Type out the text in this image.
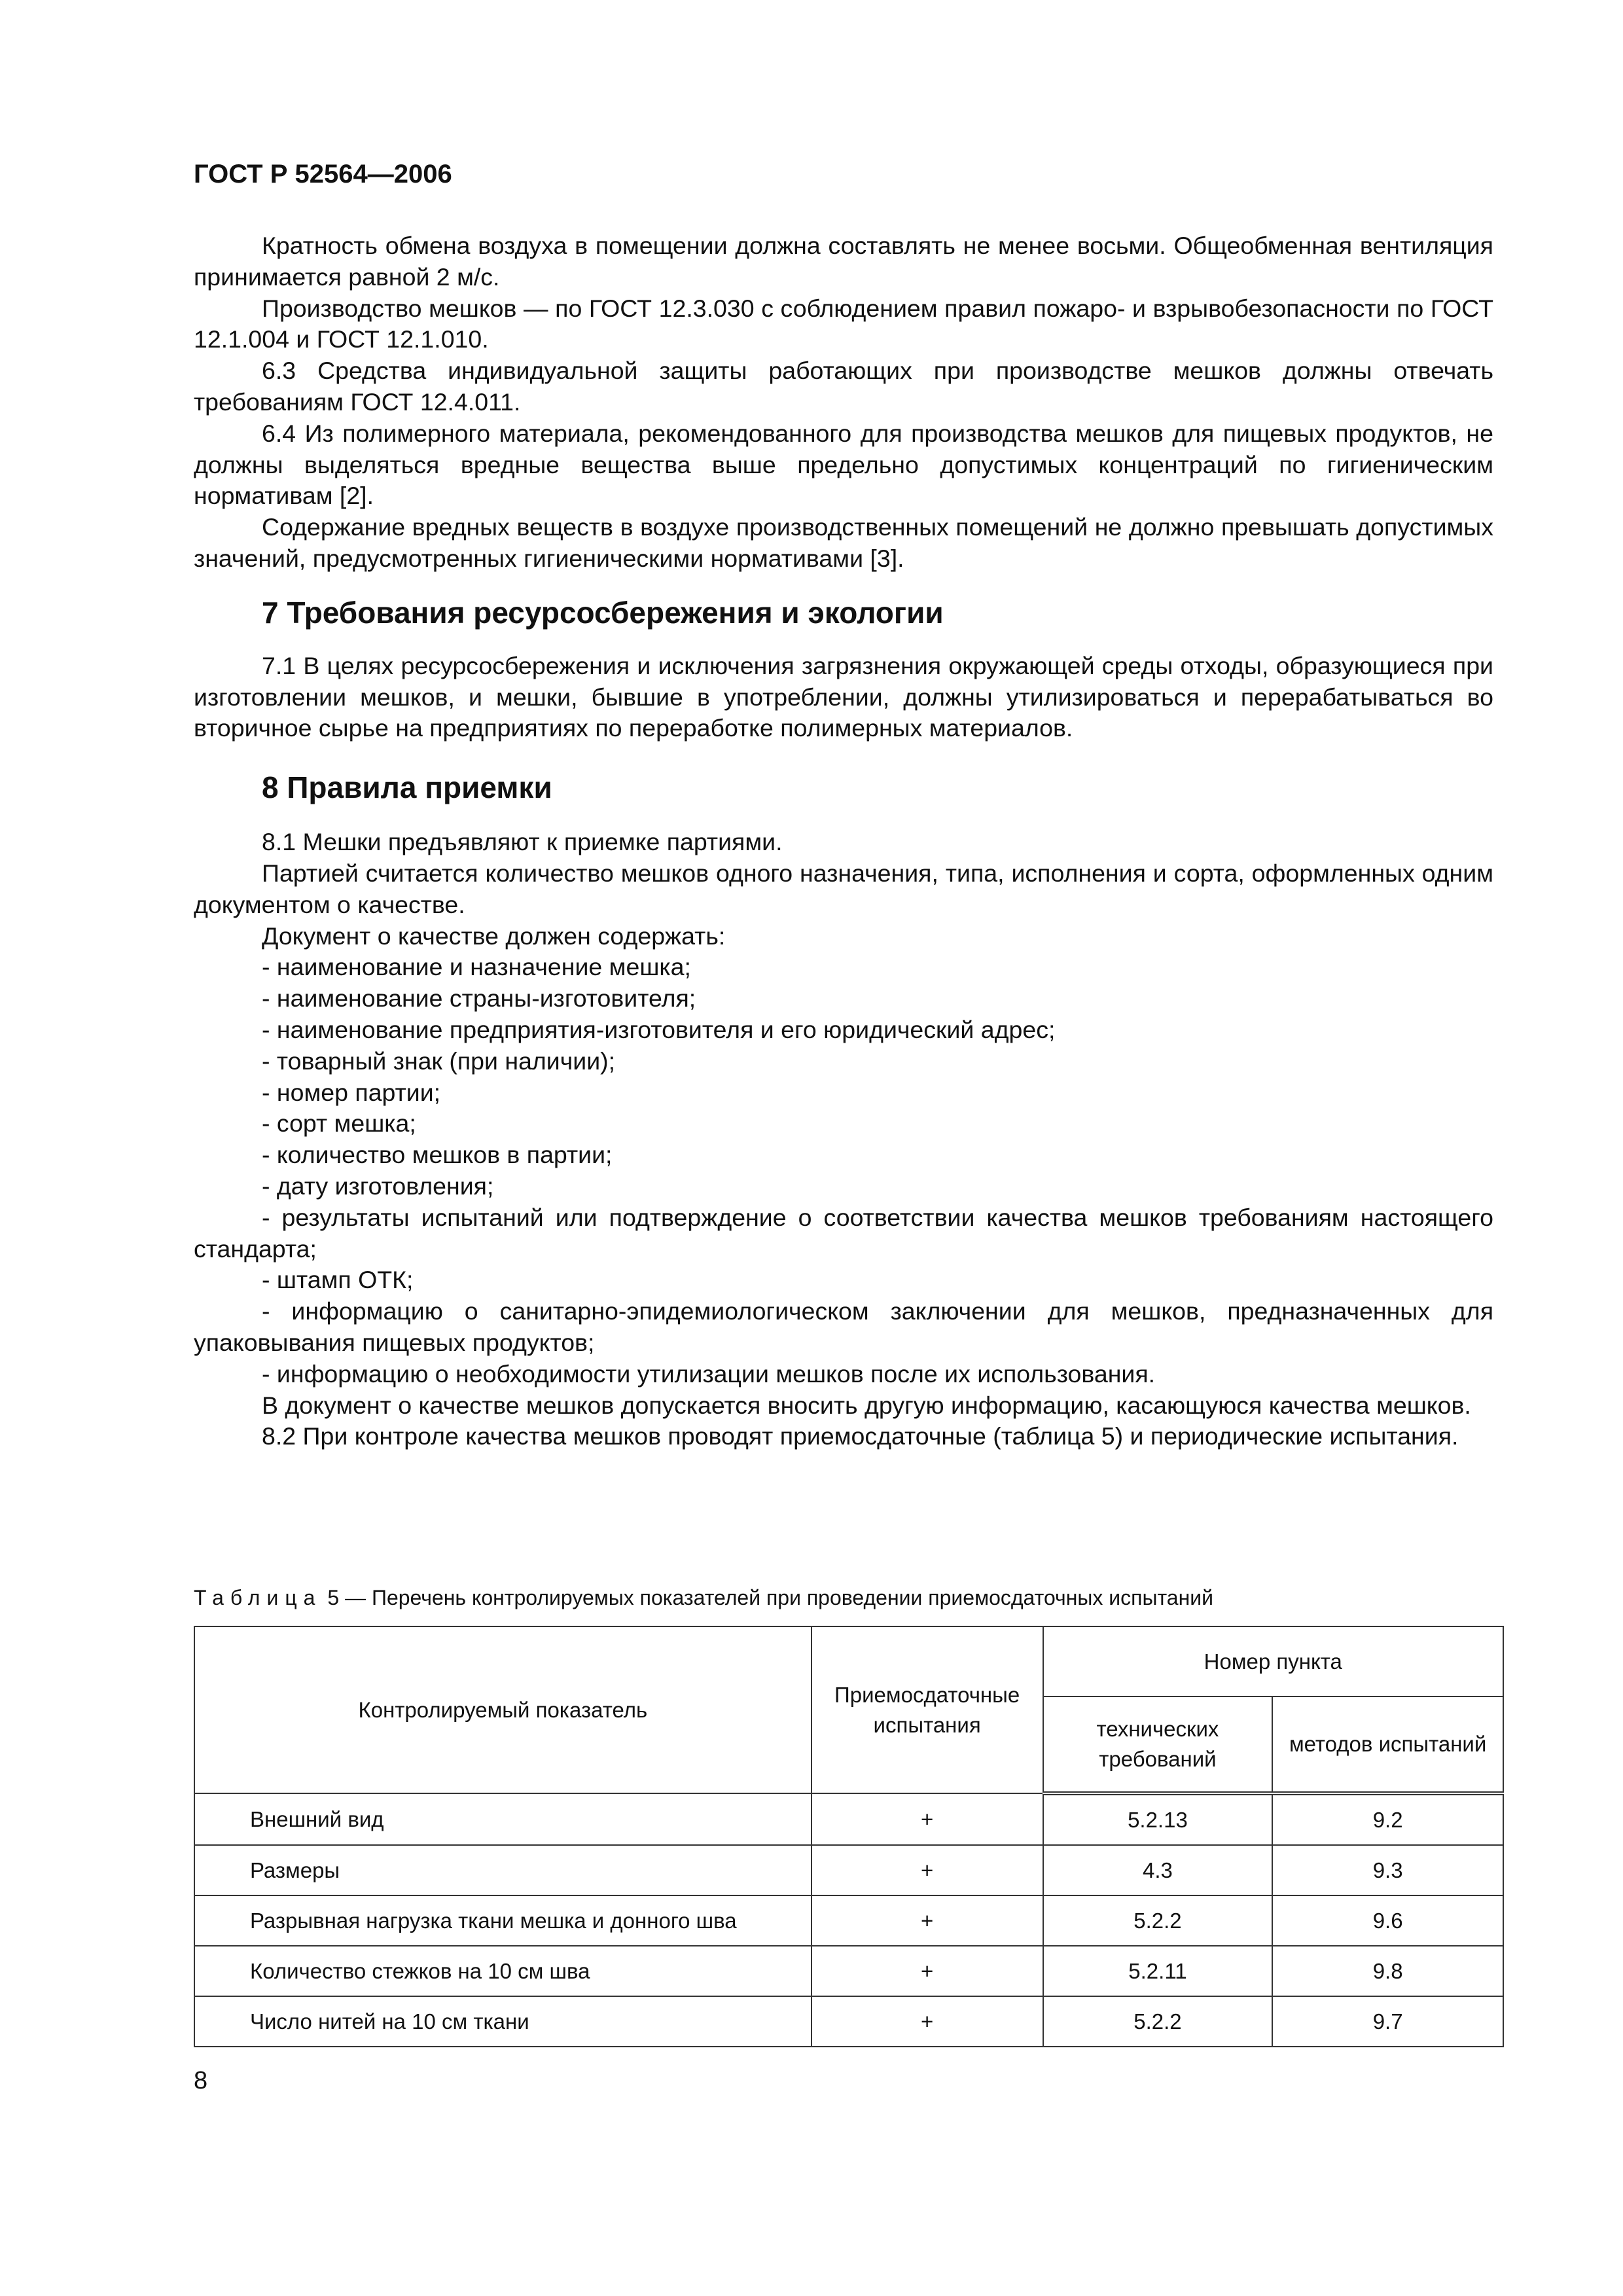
ГОСТ Р 52564—2006

Кратность обмена воздуха в помещении должна составлять не менее восьми. Общеобменная вентиляция принимается равной 2 м/с.

Производство мешков — по ГОСТ 12.3.030 с соблюдением правил пожаро- и взрывобезопасности по ГОСТ 12.1.004 и ГОСТ 12.1.010.

6.3 Средства индивидуальной защиты работающих при производстве мешков должны отвечать требованиям ГОСТ 12.4.011.

6.4 Из полимерного материала, рекомендованного для производства мешков для пищевых продуктов, не должны выделяться вредные вещества выше предельно допустимых концентраций по гигиеническим нормативам [2].

Содержание вредных веществ в воздухе производственных помещений не должно превышать допустимых значений, предусмотренных гигиеническими нормативами [3].

7 Требования ресурсосбережения и экологии

7.1 В целях ресурсосбережения и исключения загрязнения окружающей среды отходы, образующиеся при изготовлении мешков, и мешки, бывшие в употреблении, должны утилизироваться и перерабатываться во вторичное сырье на предприятиях по переработке полимерных материалов.

8 Правила приемки

8.1 Мешки предъявляют к приемке партиями.

Партией считается количество мешков одного назначения, типа, исполнения и сорта, оформленных одним документом о качестве.

Документ о качестве должен содержать:

- наименование и назначение мешка;

- наименование страны-изготовителя;

- наименование предприятия-изготовителя и его юридический адрес;

- товарный знак (при наличии);

- номер партии;

- сорт мешка;

- количество мешков в партии;

- дату изготовления;

- результаты испытаний или подтверждение о соответствии качества мешков требованиям настоящего стандарта;

- штамп ОТК;

- информацию о санитарно-эпидемиологическом заключении для мешков, предназначенных для упаковывания пищевых продуктов;

- информацию о необходимости утилизации мешков после их использования.

В документ о качестве мешков допускается вносить другую информацию, касающуюся качества мешков.

8.2 При контроле качества мешков проводят приемосдаточные (таблица 5) и периодические испытания.

Таблица 5 — Перечень контролируемых показателей при проведении приемосдаточных испытаний
Контролируемый показатель	Приемосдаточные испытания	Номер пункта	
		технических требований	методов испытаний
Внешний вид	+	5.2.13	9.2
Размеры	+	4.3	9.3
Разрывная нагрузка ткани мешка и донного шва	+	5.2.2	9.6
Количество стежков на 10 см шва	+	5.2.11	9.8
Число нитей на 10 см ткани	+	5.2.2	9.7
8
